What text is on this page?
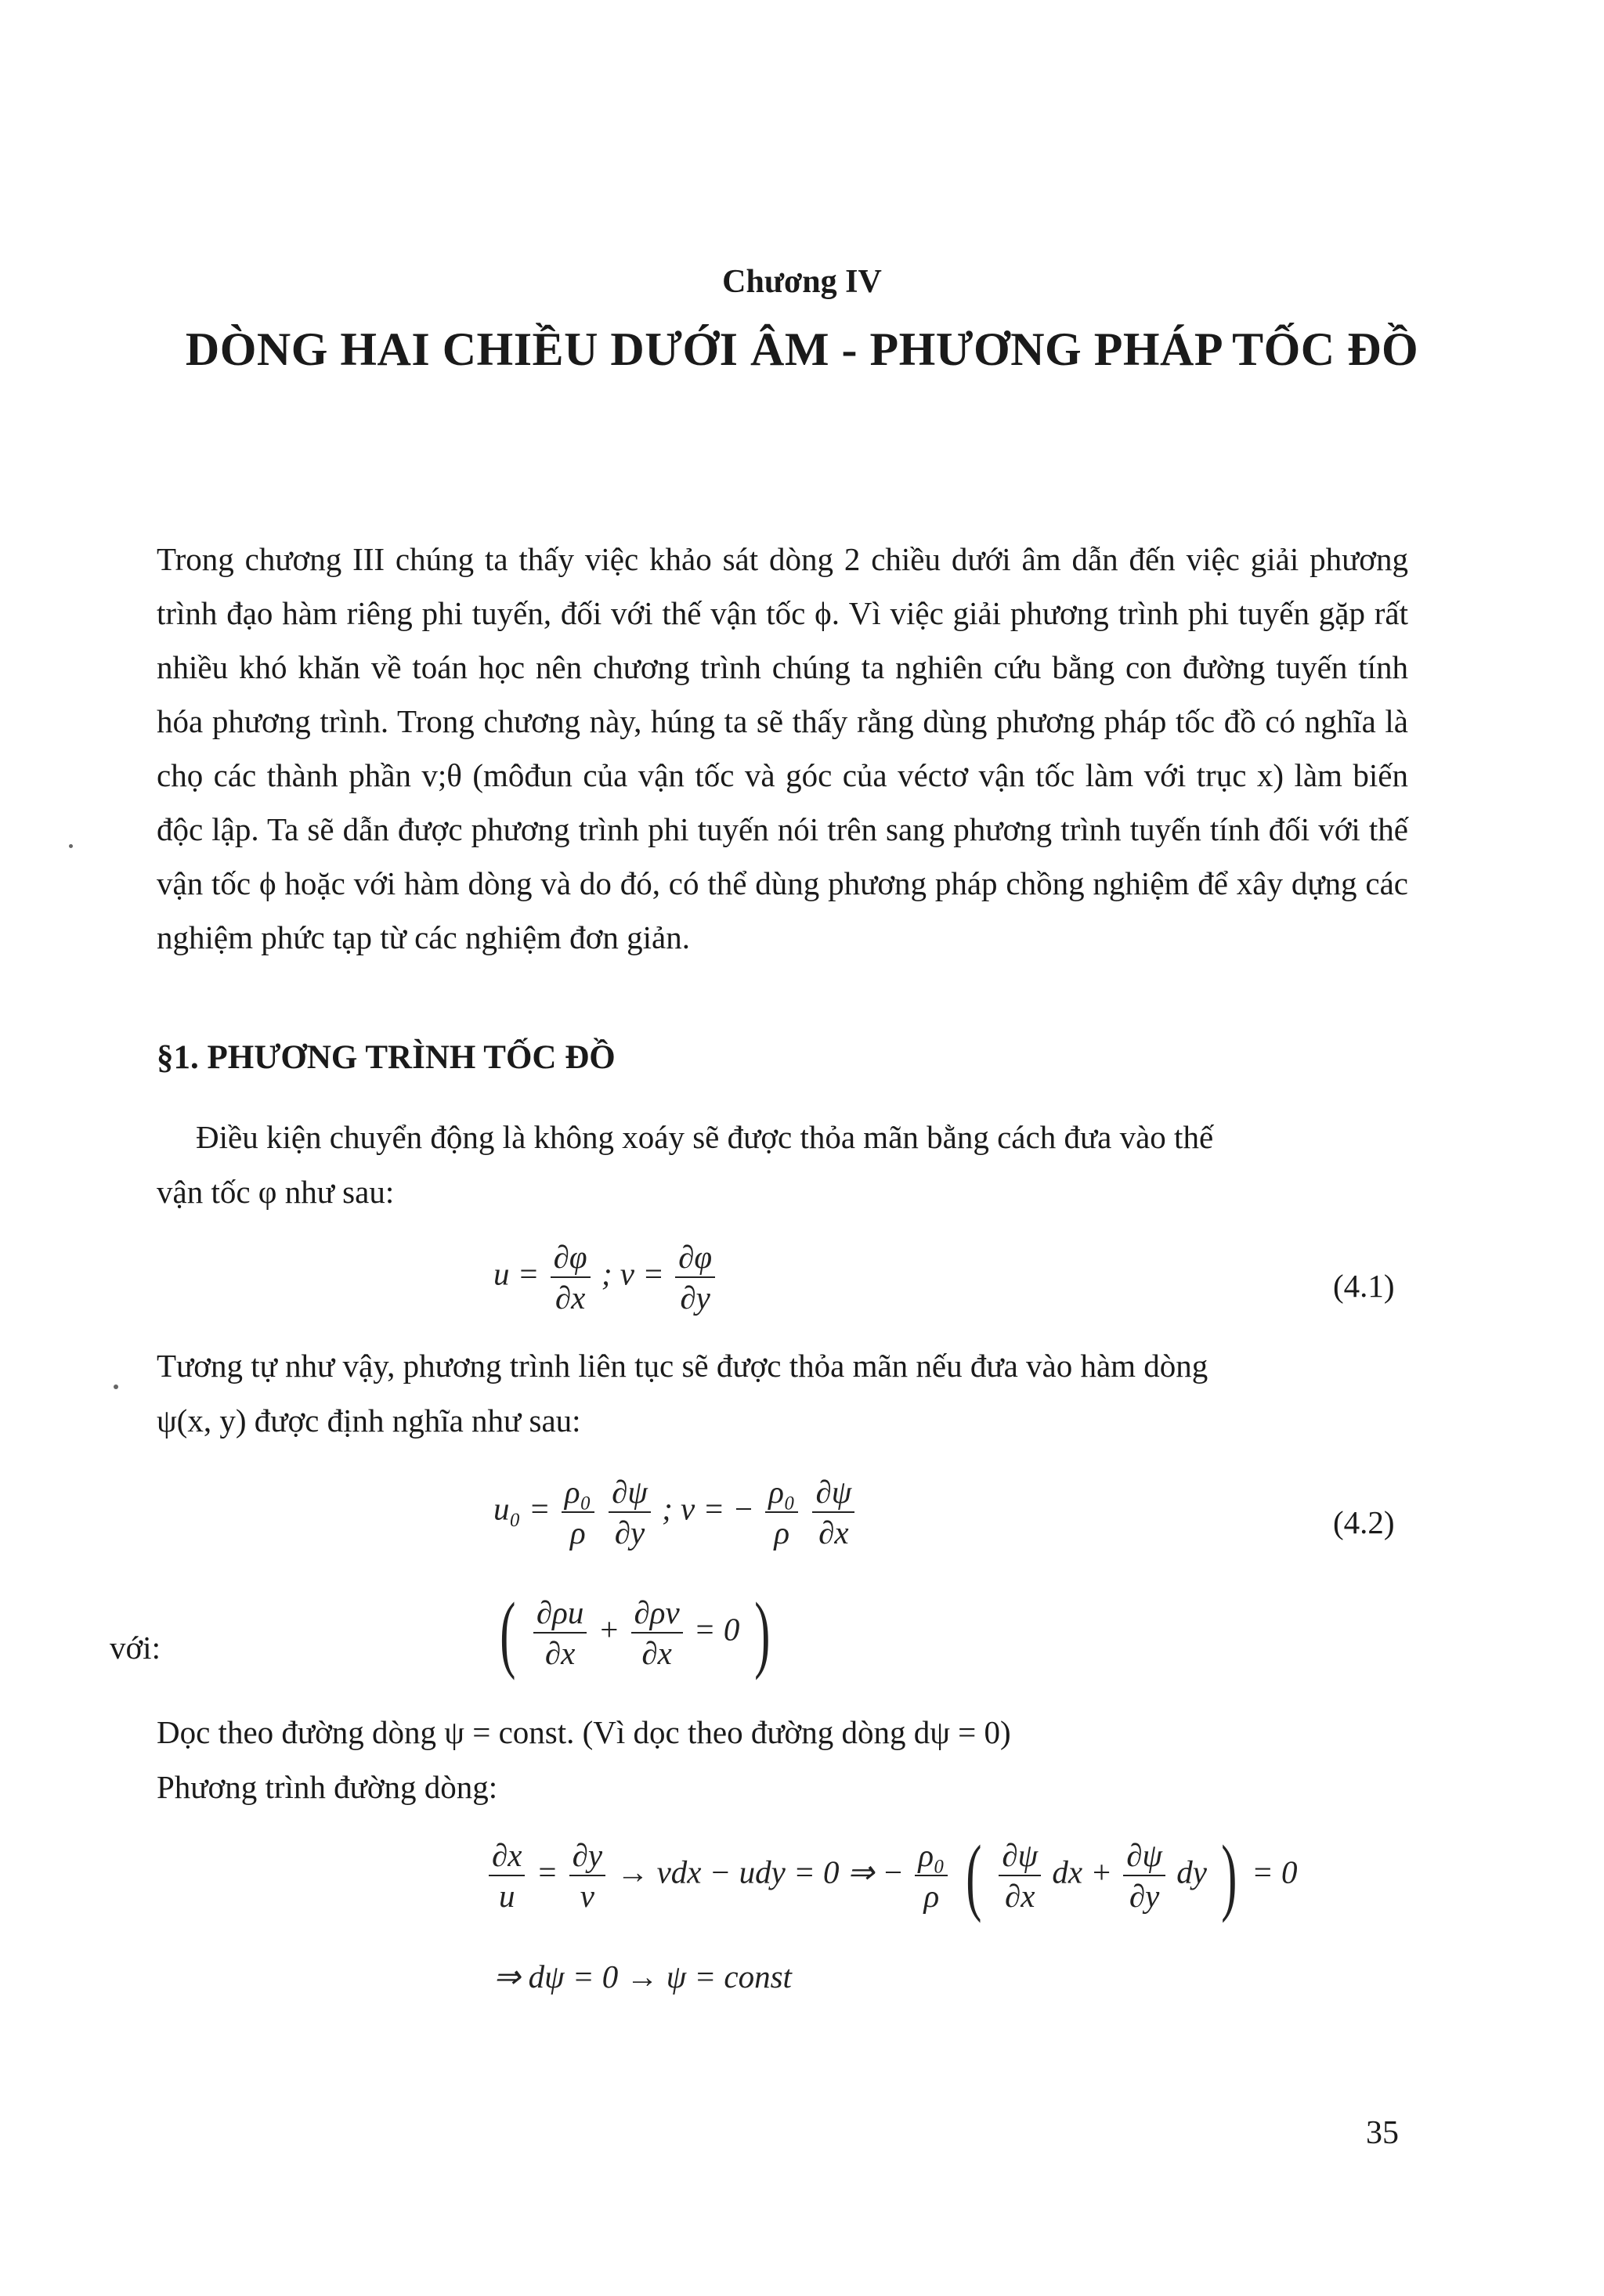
Chương IV
DÒNG HAI CHIỀU DƯỚI ÂM - PHƯƠNG PHÁP TỐC ĐỒ

Trong chương III chúng ta thấy việc khảo sát dòng 2 chiều dưới âm dẫn đến việc giải phương trình đạo hàm riêng phi tuyến, đối với thế vận tốc ϕ. Vì việc giải phương trình phi tuyến gặp rất nhiều khó khăn về toán học nên chương trình chúng ta nghiên cứu bằng con đường tuyến tính hóa phương trình. Trong chương này, húng ta sẽ thấy rằng dùng phương pháp tốc đồ có nghĩa là chọ các thành phần v;θ (môđun của vận tốc và góc của véctơ vận tốc làm với trục x) làm biến độc lập. Ta sẽ dẫn được phương trình phi tuyến nói trên sang phương trình tuyến tính đối với thế vận tốc ϕ hoặc với hàm dòng và do đó, có thể dùng phương pháp chồng nghiệm để xây dựng các nghiệm phức tạp từ các nghiệm đơn giản.

§1. PHƯƠNG TRÌNH TỐC ĐỒ
Điều kiện chuyển động là không xoáy sẽ được thỏa mãn bằng cách đưa vào thế
vận tốc φ như sau:
$u = \frac{\partial\varphi}{\partial x}$ ; $v = \frac{\partial\varphi}{\partial y}$	(4.1)
Tương tự như vậy, phương trình liên tục sẽ được thỏa mãn nếu đưa vào hàm dòng
ψ(x, y) được định nghĩa như sau:
$u_0 = \frac{\text{ρ₀}}{\rho}$
$\frac{\partial\psi}{\partial y}$ ; v = − $\frac{\text{ρ₀}}{\rho}$
$\frac{\partial\psi}{\partial x}$	(4.2)
với:	( $\frac{\partial\rho u}{\partial x} + \frac{\partial\rho v}{\partial x} = 0$ )
Dọc theo đường dòng ψ = const. (Vì dọc theo đường dòng dψ = 0)
Phương trình đường dòng:
$\frac{\partial x}{u} = \frac{\partial y}{v}$ → vdx − udy = 0 ⇒ − $\frac{\text{ρ₀}}{\rho}$ ( $\frac{\partial\psi}{\partial x}$ dx + $\frac{\partial\psi}{\partial y}$ dy ) = 0
⇒ dψ = 0 → ψ = const
35
